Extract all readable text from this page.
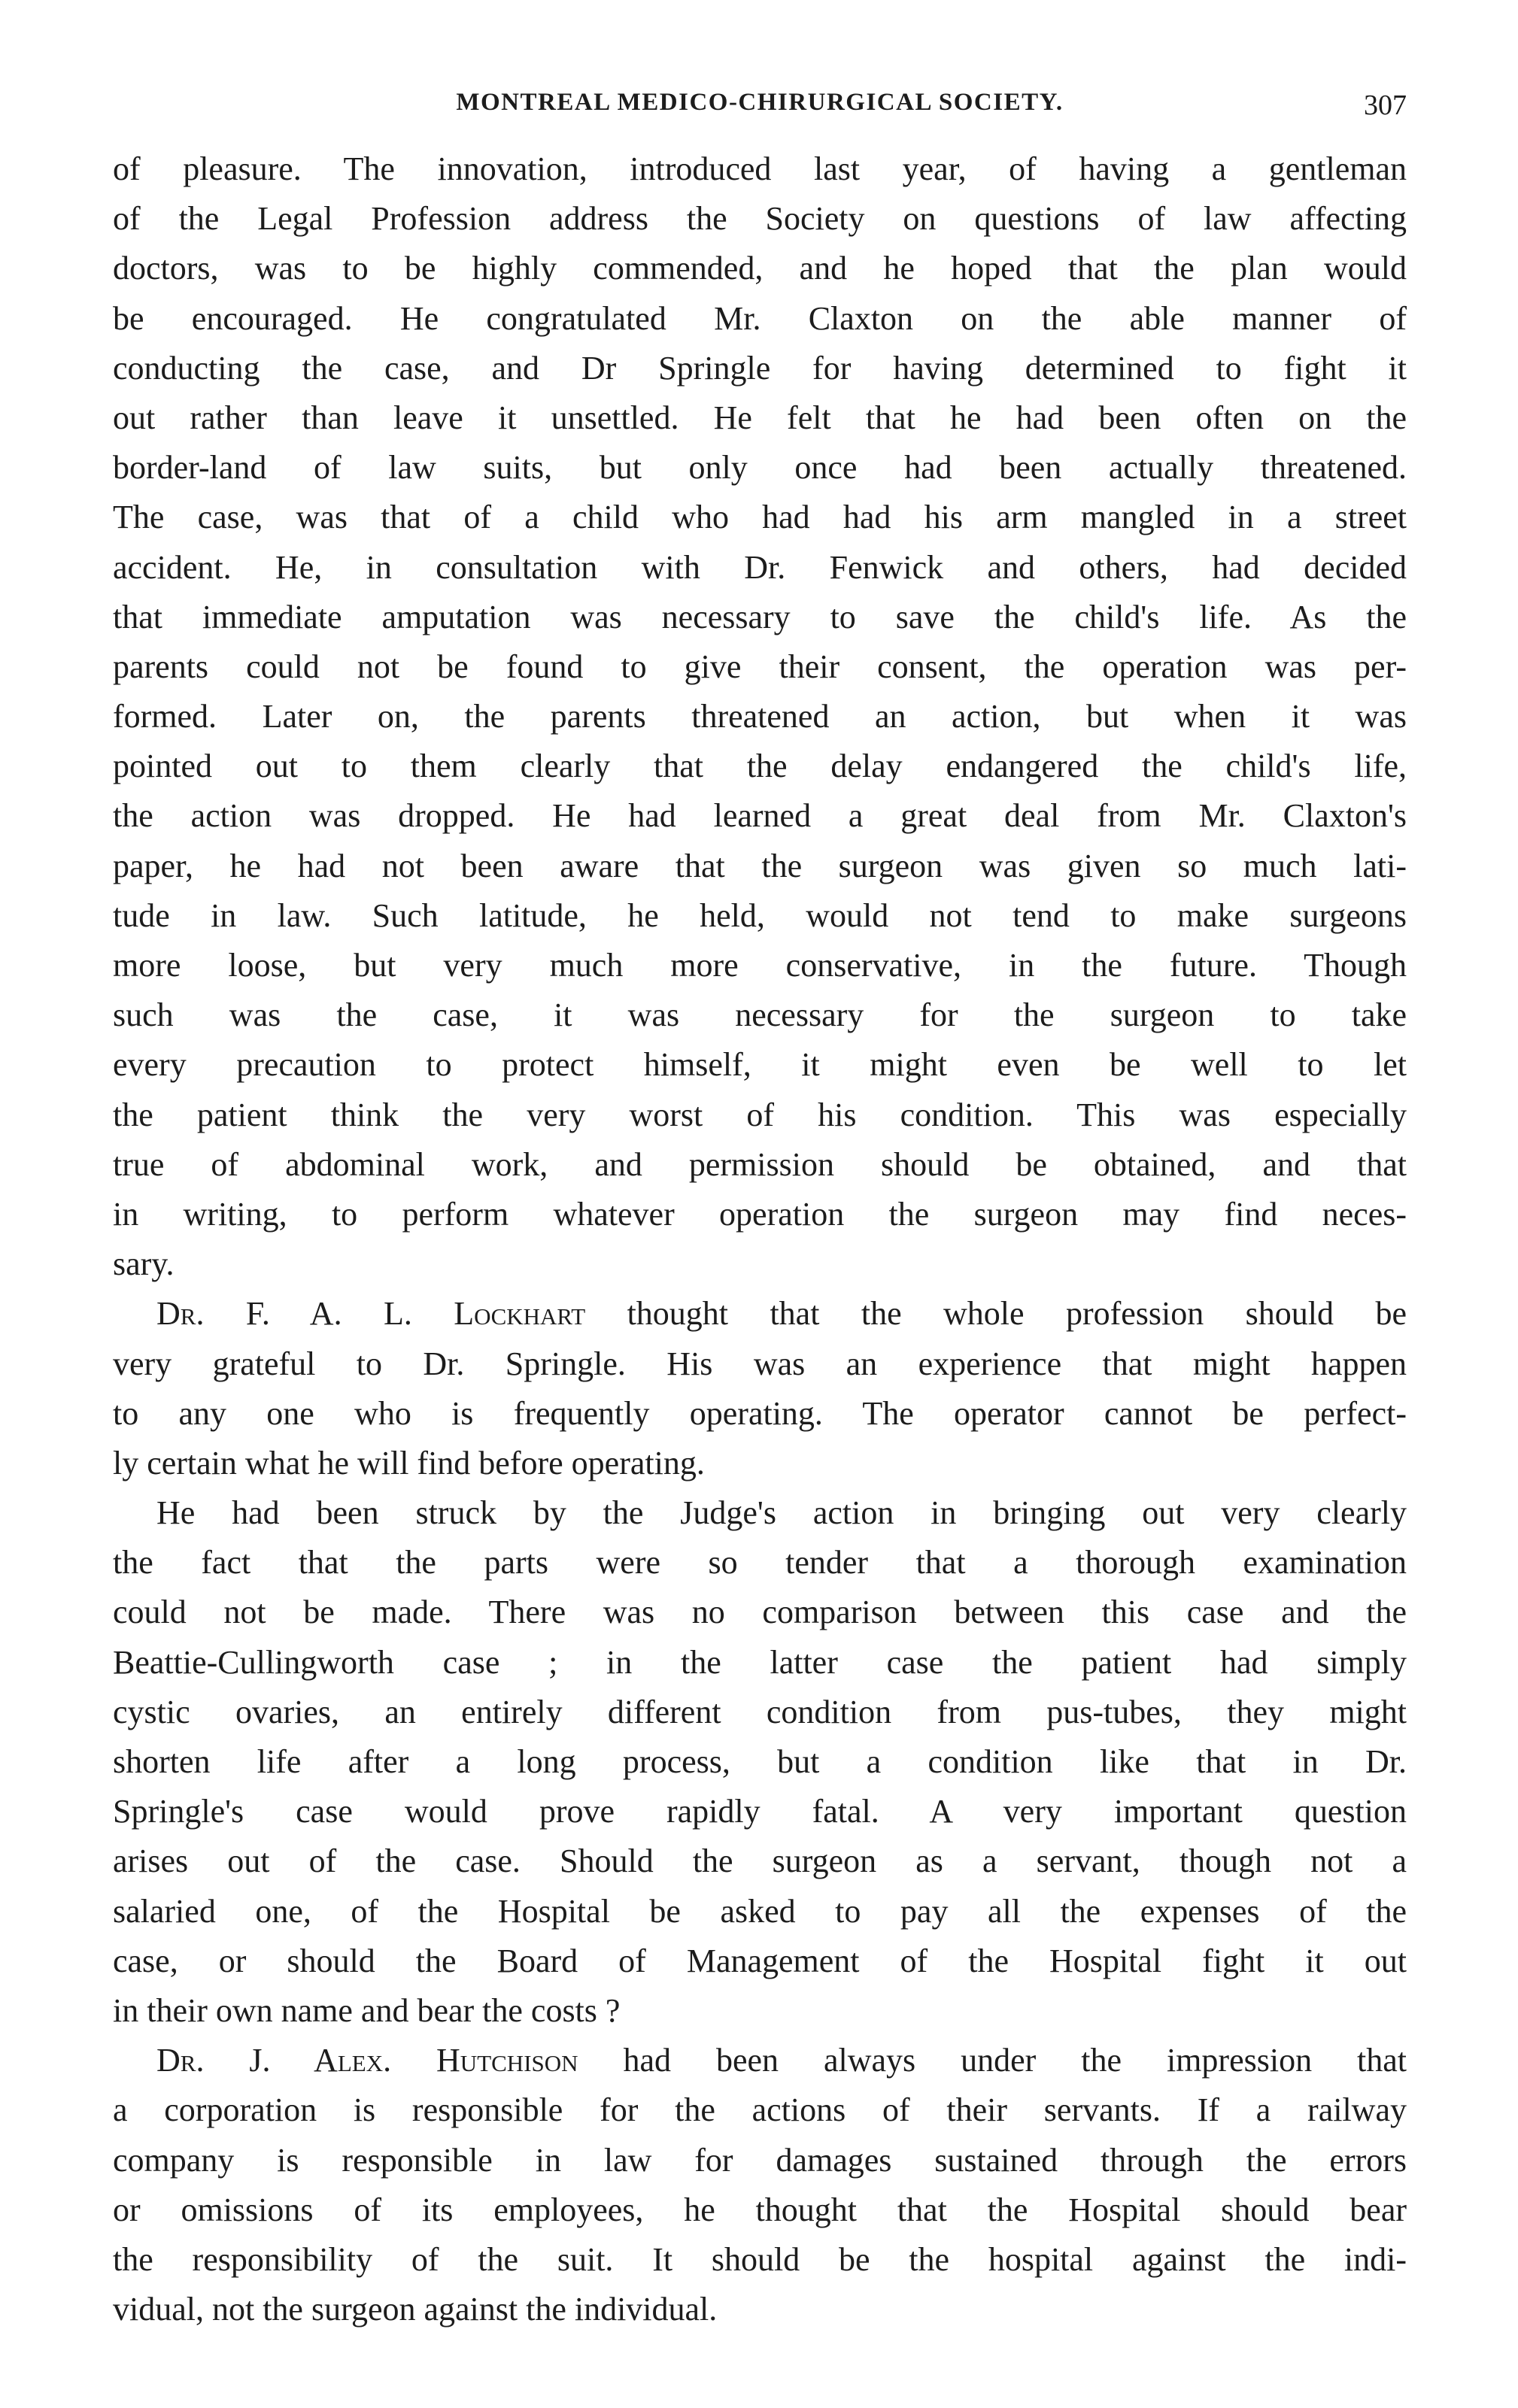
MONTREAL MEDICO-CHIRURGICAL SOCIETY.	307
of pleasure. The innovation, introduced last year, of having a gentleman
of the Legal Profession address the Society on questions of law affecting
doctors, was to be highly commended, and he hoped that the plan would
be encouraged. He congratulated Mr. Claxton on the able manner of
conducting the case, and Dr Springle for having determined to fight it
out rather than leave it unsettled. He felt that he had been often on the
border-land of law suits, but only once had been actually threatened.
The case, was that of a child who had had his arm mangled in a street
accident. He, in consultation with Dr. Fenwick and others, had decided
that immediate amputation was necessary to save the child's life. As the
parents could not be found to give their consent, the operation was per-
formed. Later on, the parents threatened an action, but when it was
pointed out to them clearly that the delay endangered the child's life,
the action was dropped. He had learned a great deal from Mr. Claxton's
paper, he had not been aware that the surgeon was given so much lati-
tude in law. Such latitude, he held, would not tend to make surgeons
more loose, but very much more conservative, in the future. Though
such was the case, it was necessary for the surgeon to take
every precaution to protect himself, it might even be well to let
the patient think the very worst of his condition. This was especially
true of abdominal work, and permission should be obtained, and that
in writing, to perform whatever operation the surgeon may find neces-
sary.
Dr. F. A. L. Lockhart thought that the whole profession should be
very grateful to Dr. Springle. His was an experience that might happen
to any one who is frequently operating. The operator cannot be perfect-
ly certain what he will find before operating.
He had been struck by the Judge's action in bringing out very clearly
the fact that the parts were so tender that a thorough examination
could not be made. There was no comparison between this case and the
Beattie-Cullingworth case ; in the latter case the patient had simply
cystic ovaries, an entirely different condition from pus-tubes, they might
shorten life after a long process, but a condition like that in Dr.
Springle's case would prove rapidly fatal. A very important question
arises out of the case. Should the surgeon as a servant, though not a
salaried one, of the Hospital be asked to pay all the expenses of the
case, or should the Board of Management of the Hospital fight it out
in their own name and bear the costs ?
Dr. J. Alex. Hutchison had been always under the impression that
a corporation is responsible for the actions of their servants. If a railway
company is responsible in law for damages sustained through the errors
or omissions of its employees, he thought that the Hospital should bear
the responsibility of the suit. It should be the hospital against the indi-
vidual, not the surgeon against the individual.
